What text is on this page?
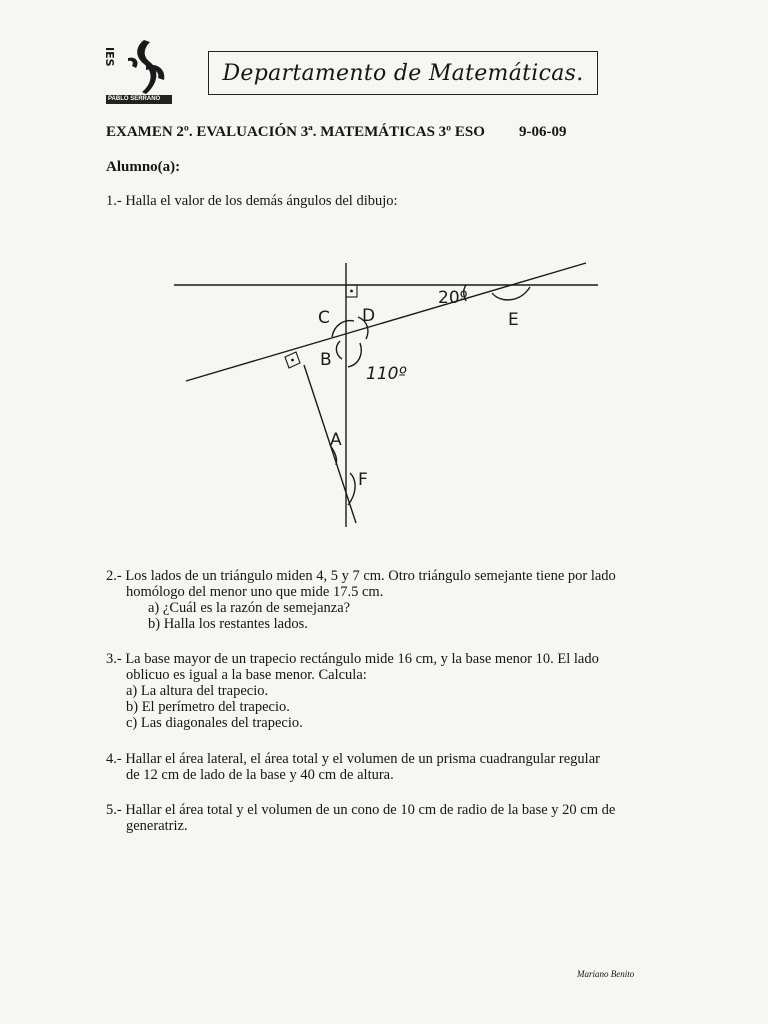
IES
PABLO SERRANO
Departamento de Matemáticas.
EXAMEN 2º. EVALUACIÓN 3ª. MATEMÁTICAS 3º ESO 9-06-09
Alumno(a):
1.- Halla el valor de los demás ángulos del dibujo:
C D
B
110º
20º
E
A
F
2.- Los lados de un triángulo miden 4, 5 y 7 cm. Otro triángulo semejante tiene por lado
homólogo del menor uno que mide 17.5 cm.
a) ¿Cuál es la razón de semejanza?
b) Halla los restantes lados.
3.- La base mayor de un trapecio rectángulo mide 16 cm, y la base menor 10. El lado
oblicuo es igual a la base menor. Calcula:
a) La altura del trapecio.
b) El perímetro del trapecio.
c) Las diagonales del trapecio.
4.- Hallar el área lateral, el área total y el volumen de un prisma cuadrangular regular
de 12 cm de lado de la base y 40 cm de altura.
5.- Hallar el área total y el volumen de un cono de 10 cm de radio de la base y 20 cm de
generatriz.
Mariano Benito
